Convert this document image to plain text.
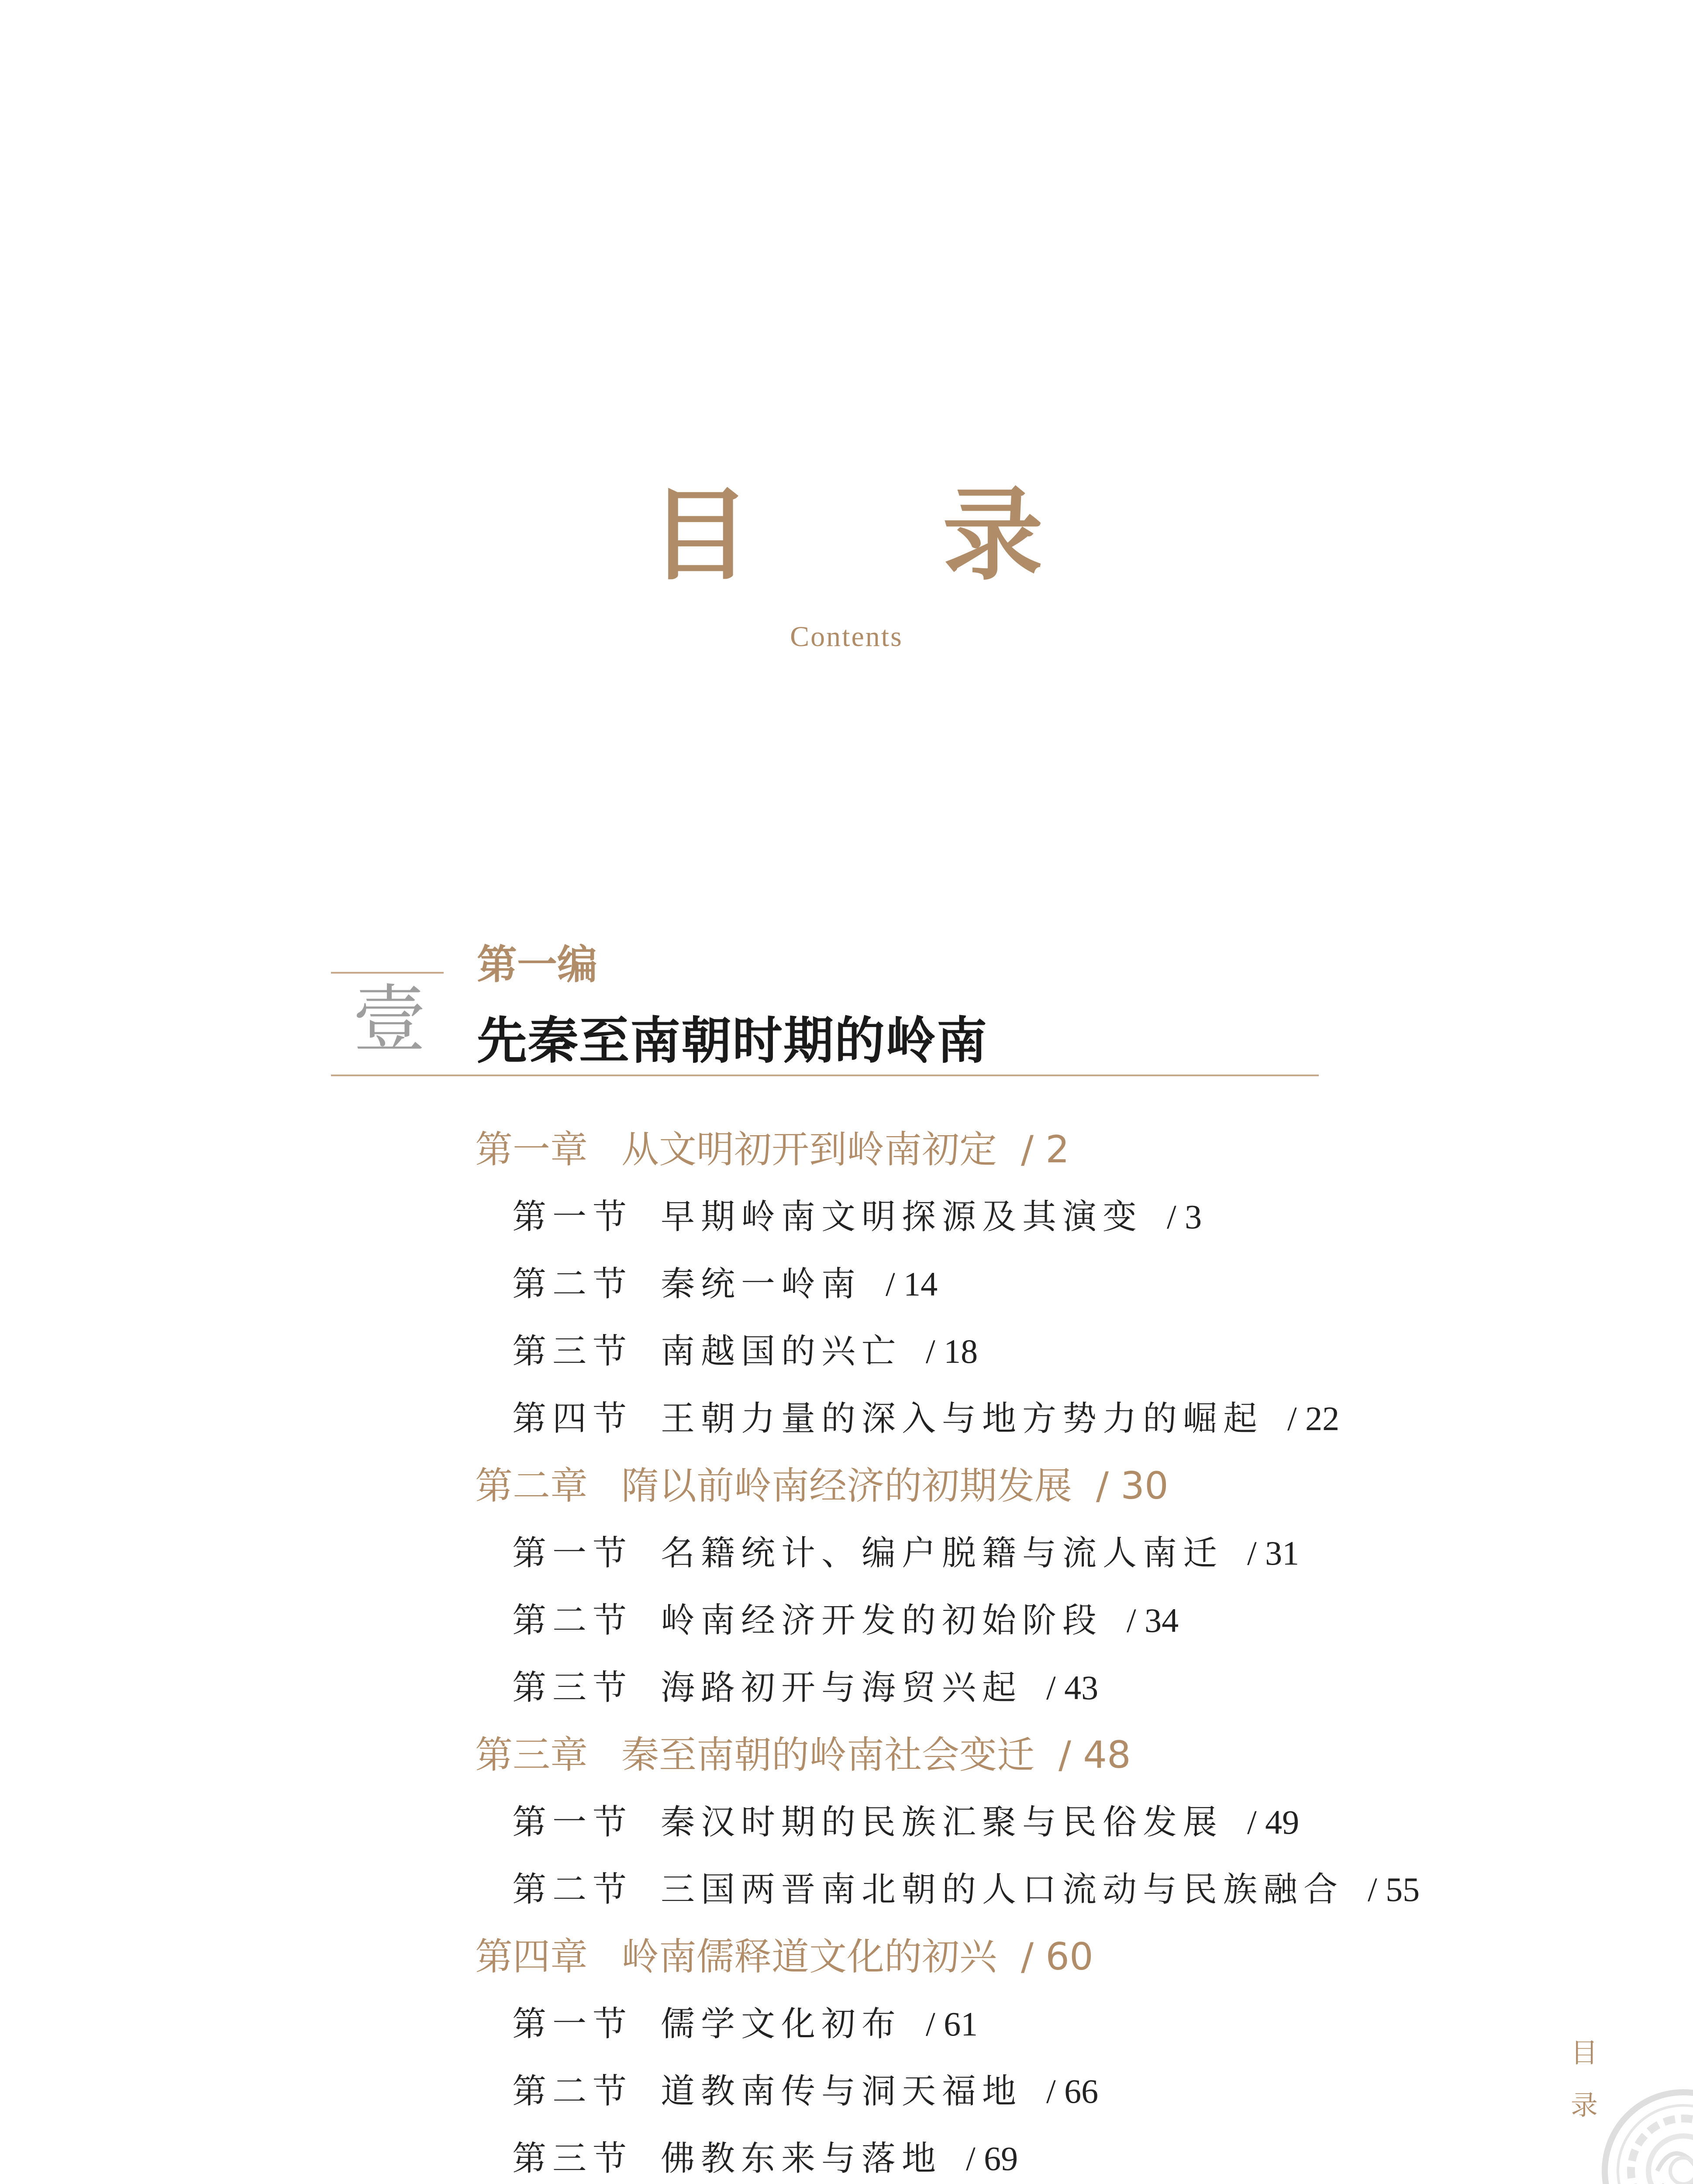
目 录
Contents
第一编
壹 先秦至南朝时期的岭南
第一章 从文明初开到岭南初定 / 2
第一节 早期岭南文明探源及其演变 / 3
第二节 秦统一岭南 / 14
第三节 南越国的兴亡 / 18
第四节 王朝力量的深入与地方势力的崛起 / 22
第二章 隋以前岭南经济的初期发展 / 30
第一节 名籍统计、编户脱籍与流人南迁 / 31
第二节 岭南经济开发的初始阶段 / 34
第三节 海路初开与海贸兴起 / 43
第三章 秦至南朝的岭南社会变迁 / 48
第一节 秦汉时期的民族汇聚与民俗发展 / 49
第二节 三国两晋南北朝的人口流动与民族融合 / 55
第四章 岭南儒释道文化的初兴 / 60
第一节 儒学文化初布 / 61
第二节 道教南传与洞天福地 / 66
第三节 佛教东来与落地 / 69
目
录
